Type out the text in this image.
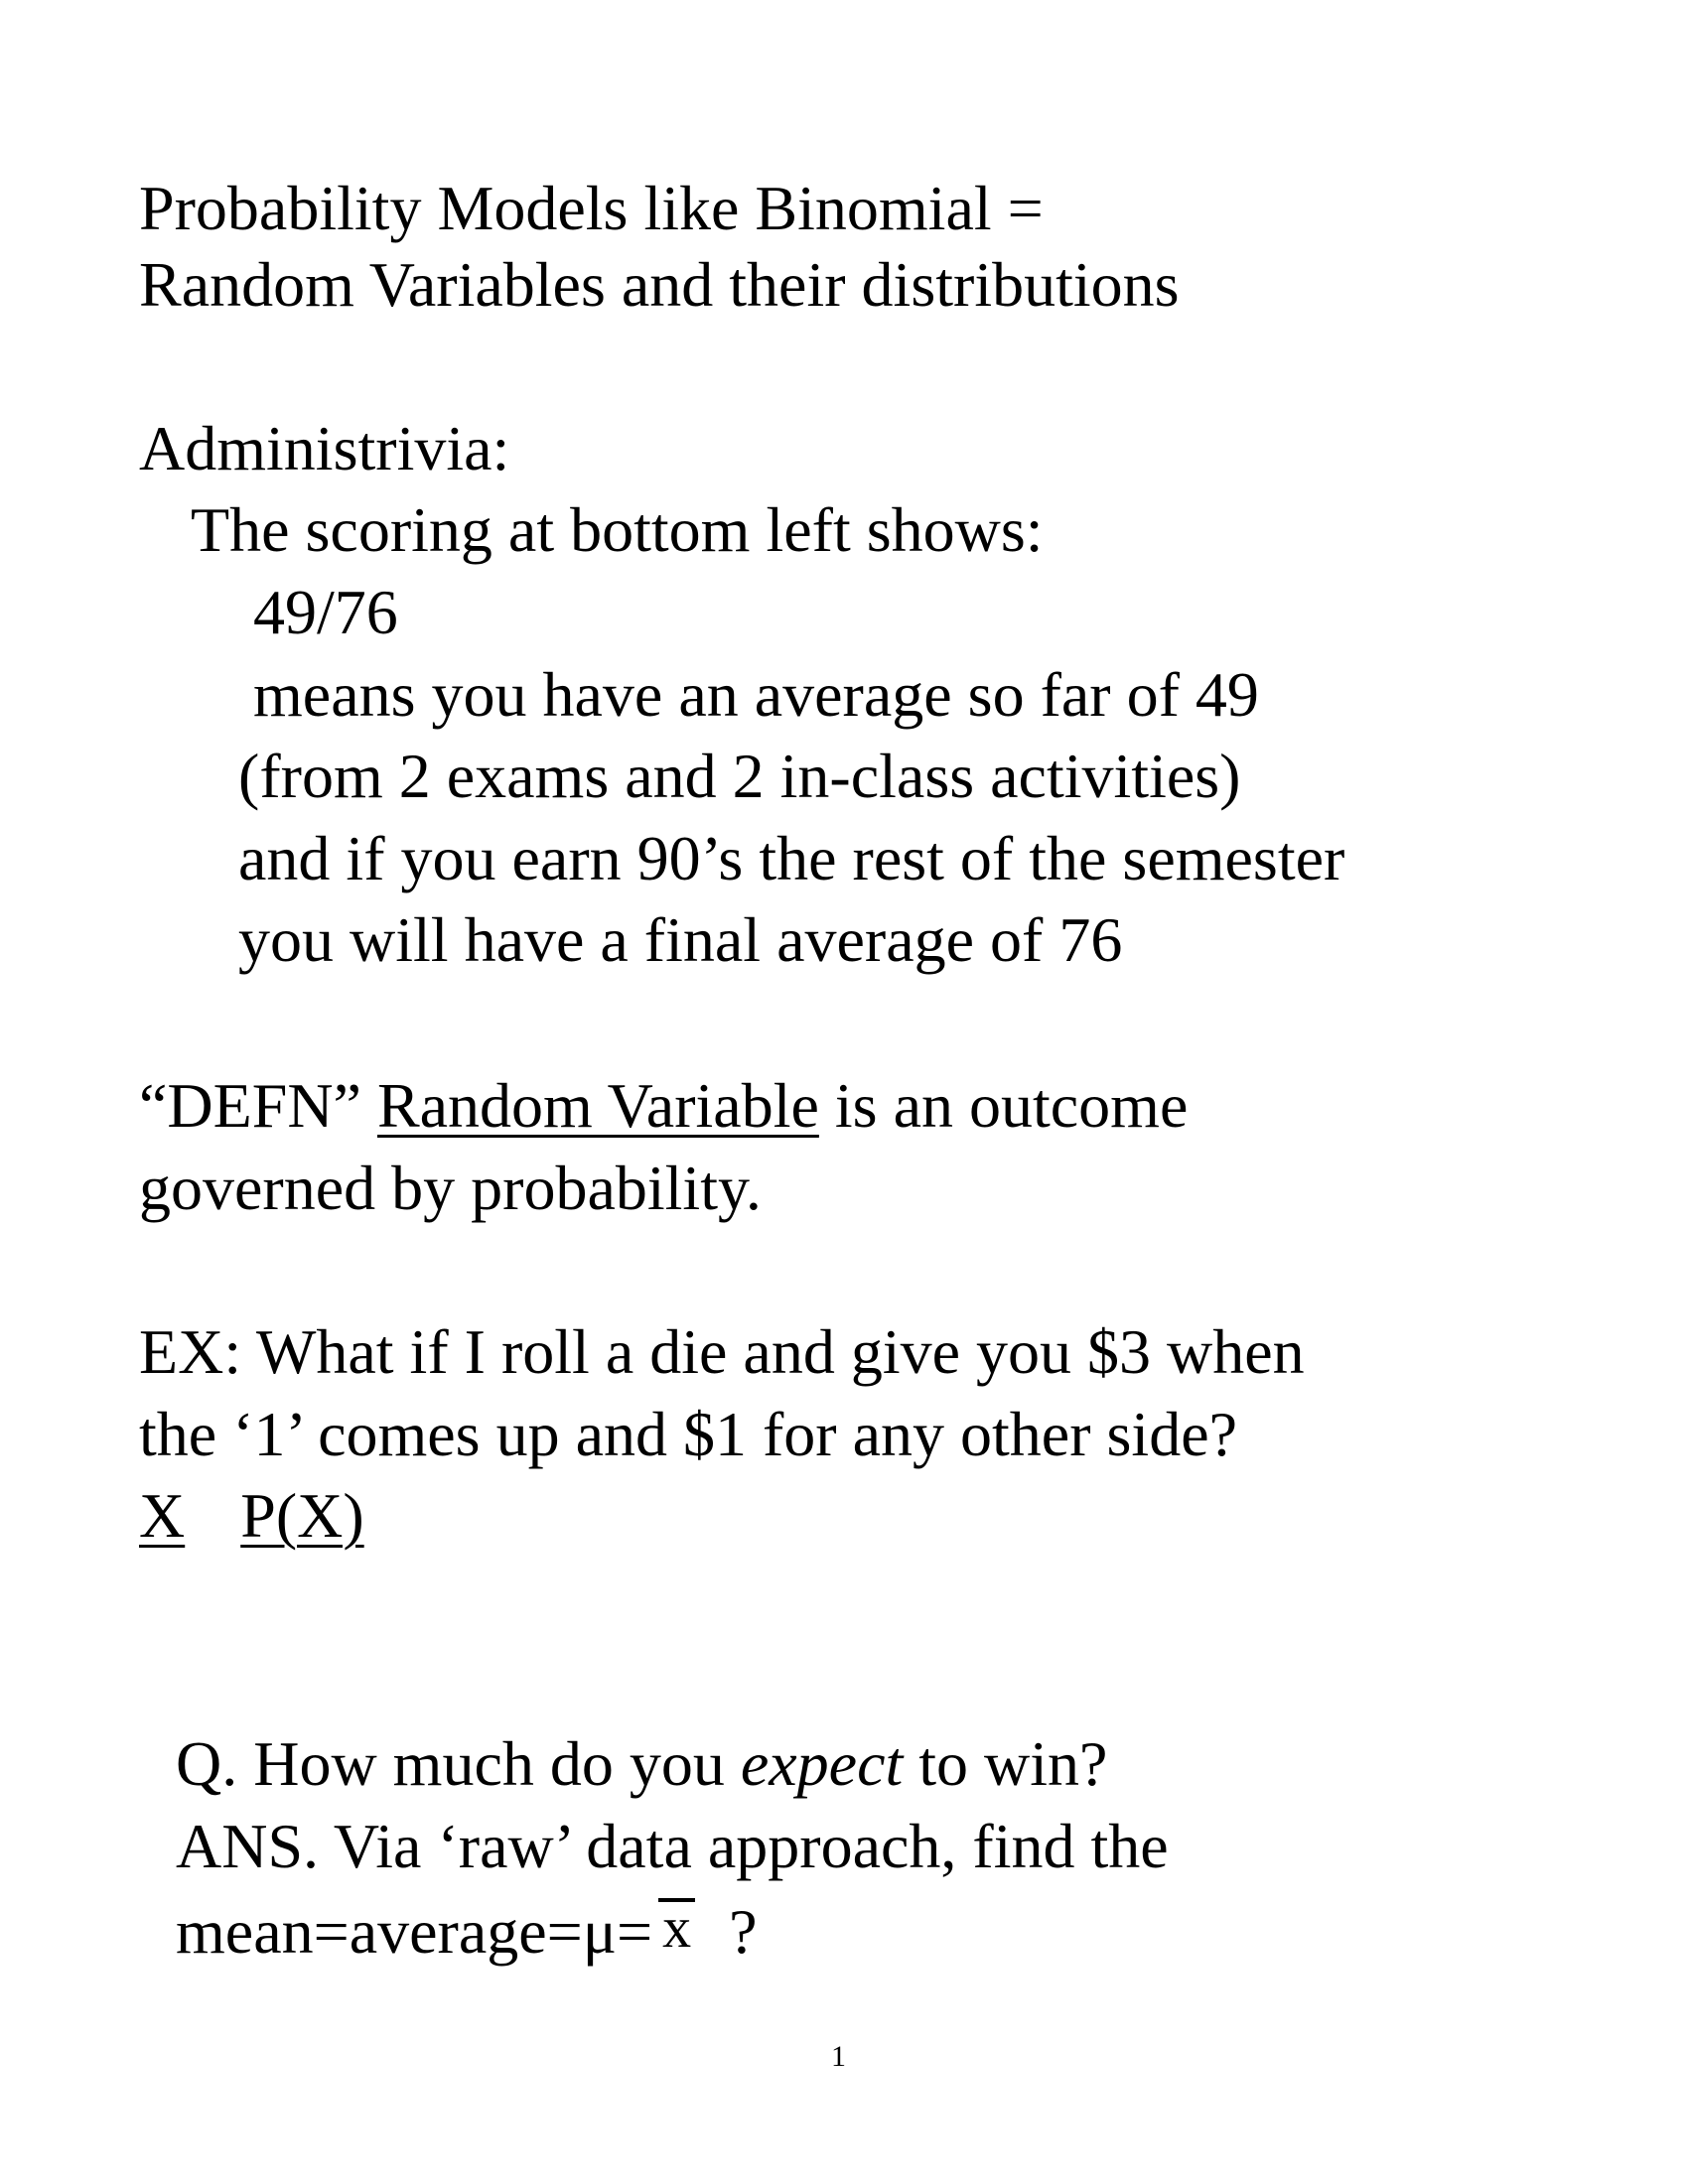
Probability Models like Binomial =
Random Variables and their distributions
Administrivia:
The scoring at bottom left shows:
49/76
means you have an average so far of 49
(from 2 exams and 2 in-class activities)
and if you earn 90’s the rest of the semester
you will have a final average of 76
“DEFN” Random Variable is an outcome
governed by probability.
EX: What if I roll a die and give you $3 when
the ‘1’ comes up and $1 for any other side?
X P(X)
Q. How much do you expect to win?
ANS. Via ‘raw’ data approach, find the
mean=average=μ= x ?
1
